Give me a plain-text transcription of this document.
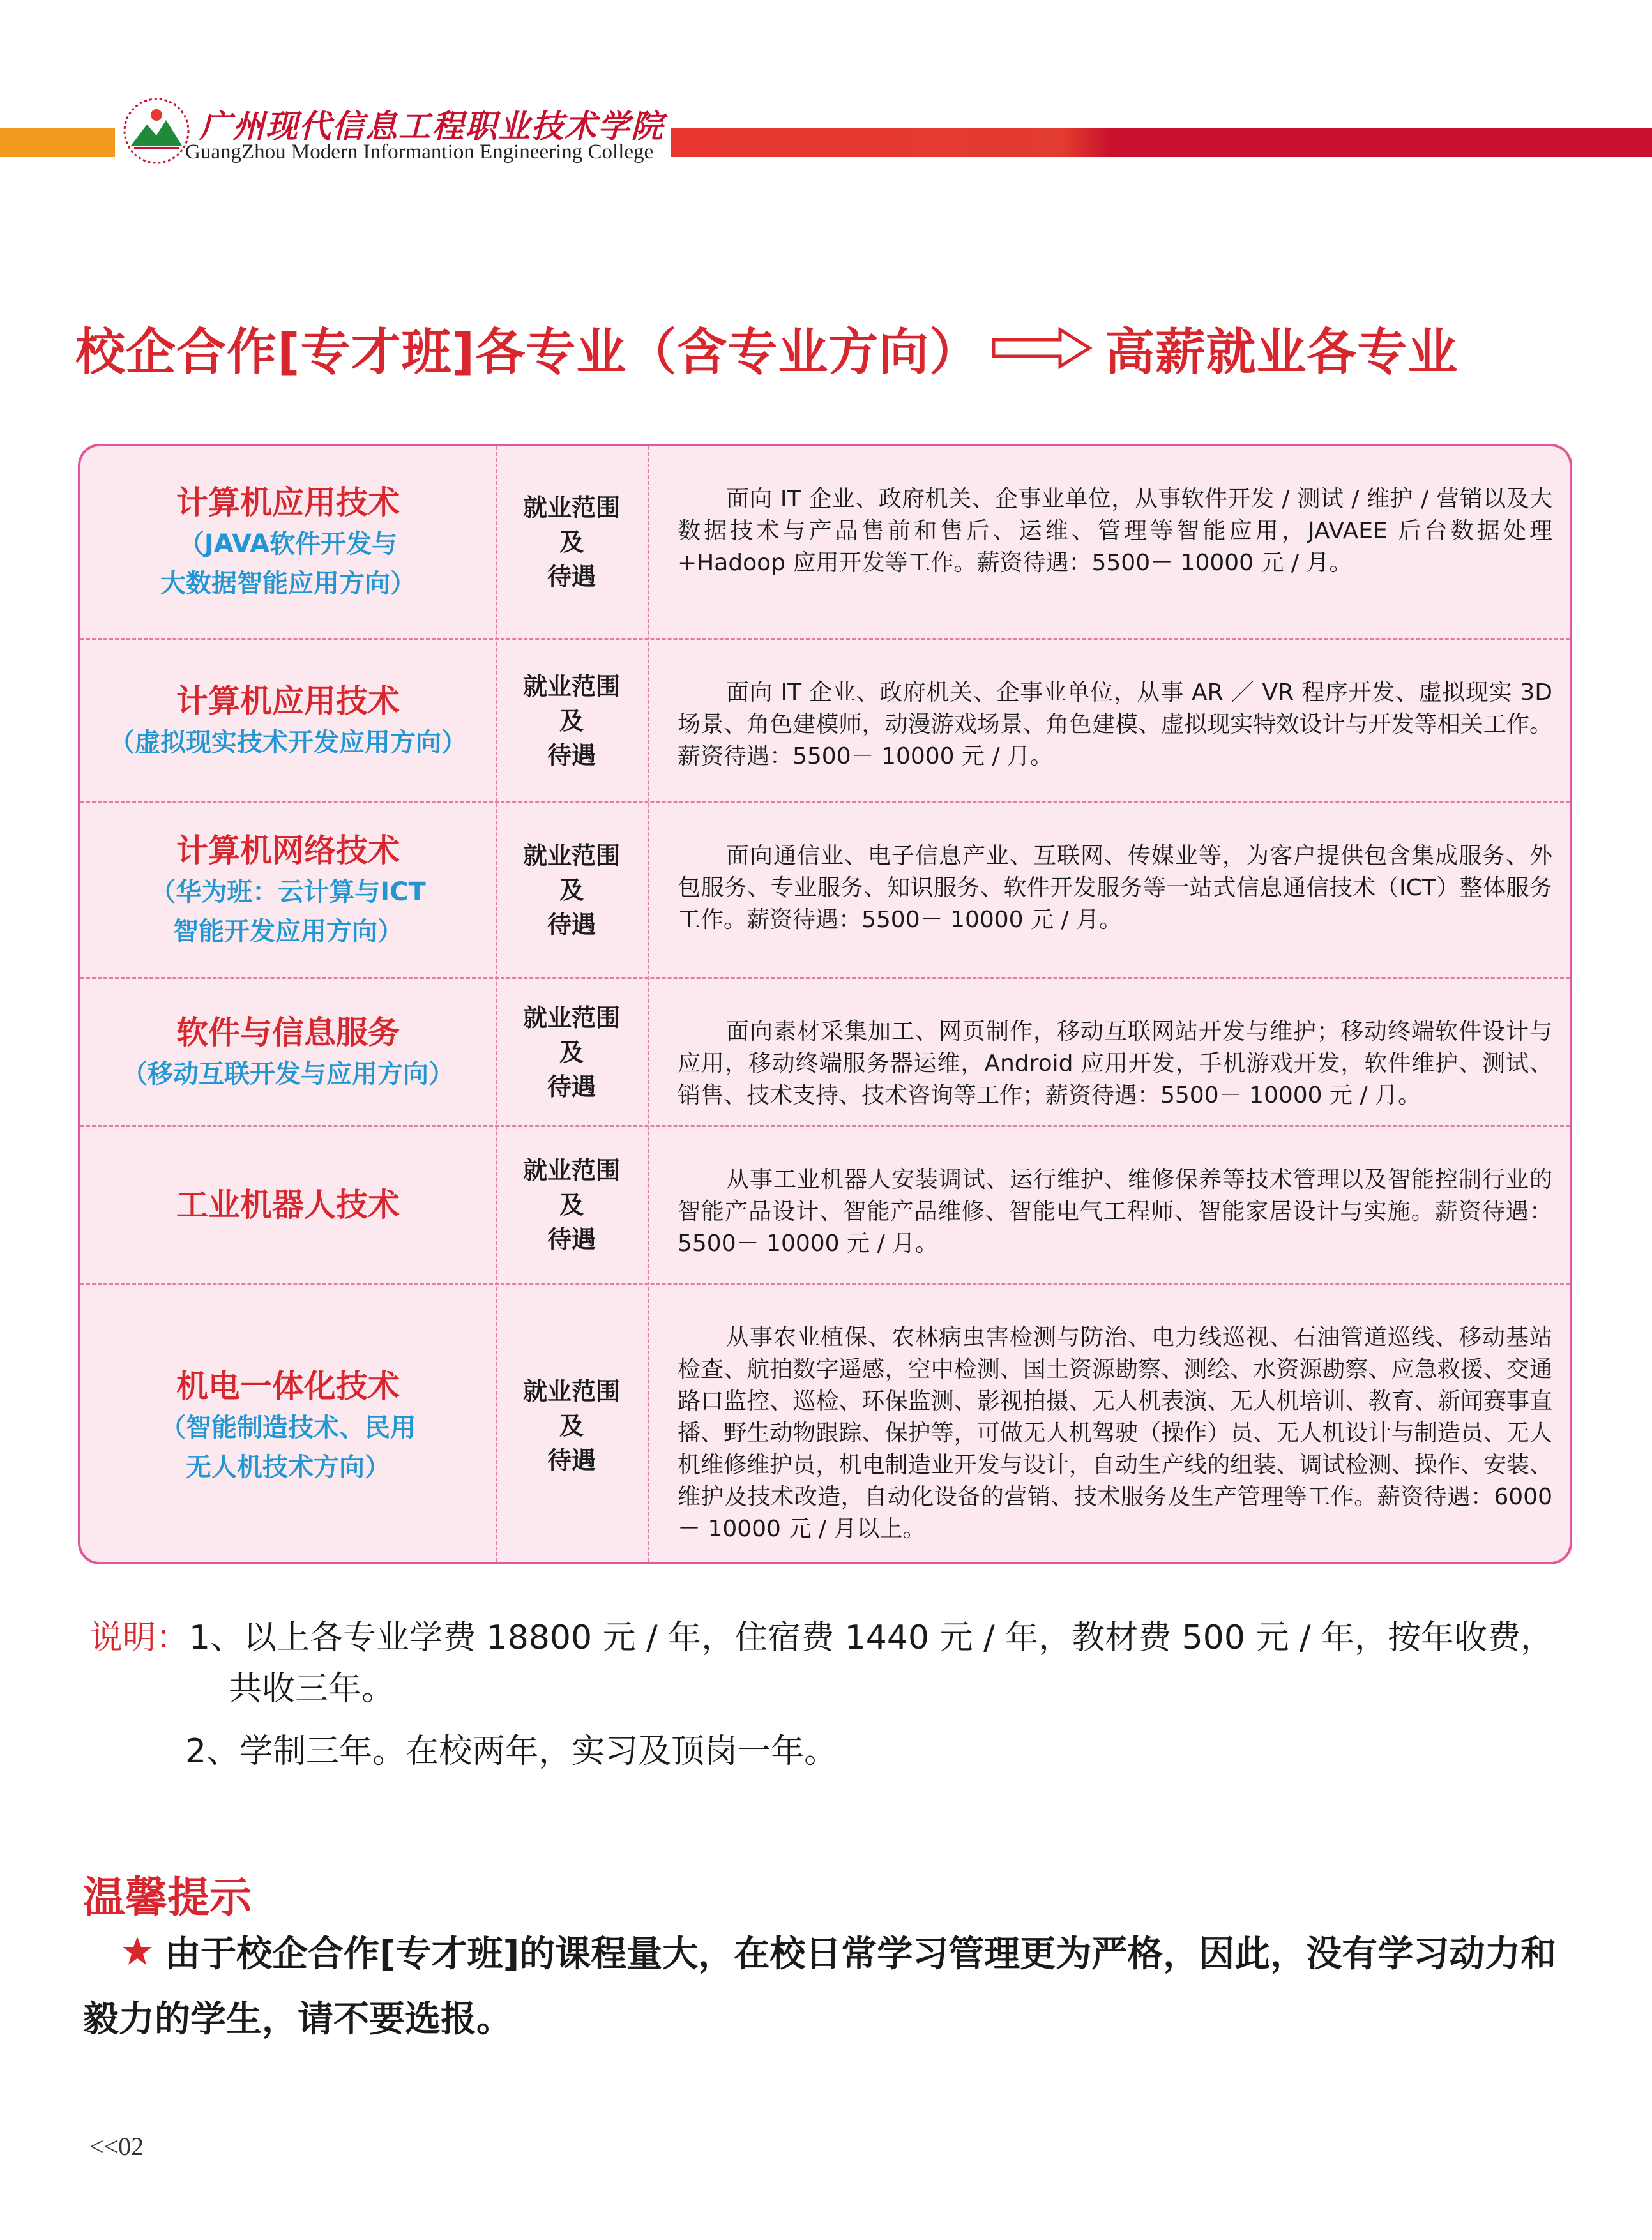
广州现代信息工程职业技术学院
GuangZhou Modern Informantion Engineering College
校企合作[专才班]各专业（含专业方向）	高薪就业各专业
计算机应用技术
（JAVA软件开发与
大数据智能应用方向）
就业范围
及
待遇
面向 IT 企业、政府机关、企事业单位，从事软件开发 / 测试 / 维护 / 营销以及大数据技术与产品售前和售后、运维、管理等智能应用，JAVAEE 后台数据处理 +Hadoop 应用开发等工作。薪资待遇：5500－ 10000 元 / 月。
计算机应用技术
（虚拟现实技术开发应用方向）
就业范围
及
待遇
面向 IT 企业、政府机关、企事业单位，从事 AR ／ VR 程序开发、虚拟现实 3D 场景、角色建模师，动漫游戏场景、角色建模、虚拟现实特效设计与开发等相关工作。薪资待遇：5500－ 10000 元 / 月。
计算机网络技术
（华为班：云计算与ICT
智能开发应用方向）
就业范围
及
待遇
面向通信业、电子信息产业、互联网、传媒业等，为客户提供包含集成服务、外包服务、专业服务、知识服务、软件开发服务等一站式信息通信技术（ICT）整体服务工作。薪资待遇：5500－ 10000 元 / 月。
软件与信息服务
（移动互联开发与应用方向）
就业范围
及
待遇
面向素材采集加工、网页制作，移动互联网站开发与维护；移动终端软件设计与应用，移动终端服务器运维，Android 应用开发，手机游戏开发，软件维护、测试、销售、技术支持、技术咨询等工作；薪资待遇：5500－ 10000 元 / 月。
工业机器人技术
就业范围
及
待遇
从事工业机器人安装调试、运行维护、维修保养等技术管理以及智能控制行业的智能产品设计、智能产品维修、智能电气工程师、智能家居设计与实施。薪资待遇：5500－ 10000 元 / 月。
机电一体化技术
（智能制造技术、民用
无人机技术方向）
就业范围
及
待遇
从事农业植保、农林病虫害检测与防治、电力线巡视、石油管道巡线、移动基站检查、航拍数字遥感，空中检测、国土资源勘察、测绘、水资源勘察、应急救援、交通路口监控、巡检、环保监测、影视拍摄、无人机表演、无人机培训、教育、新闻赛事直播、野生动物跟踪、保护等，可做无人机驾驶（操作）员、无人机设计与制造员、无人机维修维护员，机电制造业开发与设计，自动生产线的组装、调试检测、操作、安装、维护及技术改造，自动化设备的营销、技术服务及生产管理等工作。薪资待遇：6000－ 10000 元 / 月以上。
说明：1、以上各专业学费 18800 元 / 年，住宿费 1440 元 / 年，教材费 500 元 / 年，按年收费，
共收三年。
2、学制三年。在校两年，实习及顶岗一年。
温馨提示
由于校企合作[专才班]的课程量大，在校日常学习管理更为严格，因此，没有学习动力和毅力的学生，请不要选报。
<<02
